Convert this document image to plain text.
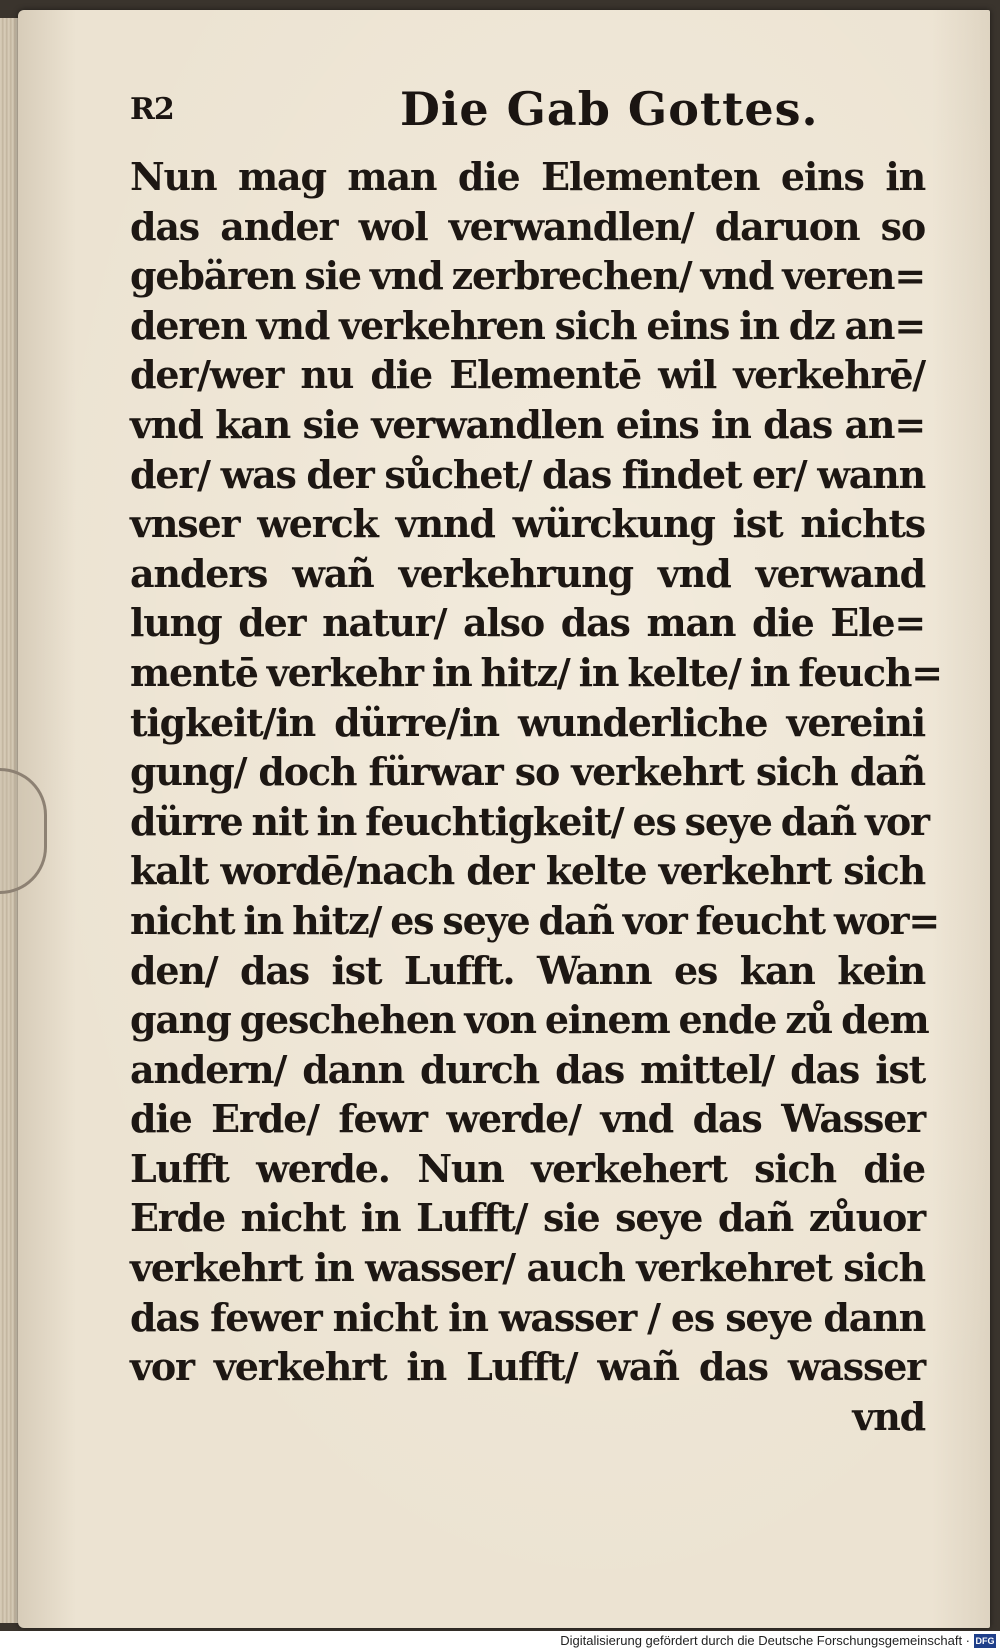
R2	Die Gab Gottes.
Nun mag man die Elementen eins in
das ander wol verwandlen/ daruon so
gebären sie vnd zerbrechen/ vnd veren=
deren vnd verkehren sich eins in dz an=
der/wer nu die Elementē wil verkehrē/
vnd kan sie verwandlen eins in das an=
der/ was der sůchet/ das findet er/ wann
vnser werck vnnd würckung ist nichts
anders wañ verkehrung vnd verwand
lung der natur/ also das man die Ele=
mentē verkehr in hitz/ in kelte/ in feuch=
tigkeit/in dürre/in wunderliche vereini
gung/ doch fürwar so verkehrt sich dañ
dürre nit in feuchtigkeit/ es seye dañ vor
kalt wordē/nach der kelte verkehrt sich
nicht in hitz/ es seye dañ vor feucht wor=
den/ das ist Lufft. Wann es kan kein
gang geschehen von einem ende zů dem
andern/ dann durch das mittel/ das ist
die Erde/ fewr werde/ vnd das Wasser
Lufft werde. Nun verkehert sich die
Erde nicht in Lufft/ sie seye dañ zůuor
verkehrt in wasser/ auch verkehret sich
das fewer nicht in wasser / es seye dann
vor verkehrt in Lufft/ wañ das wasser
vnd
Digitalisierung gefördert durch die Deutsche Forschungsgemeinschaft · DFG
